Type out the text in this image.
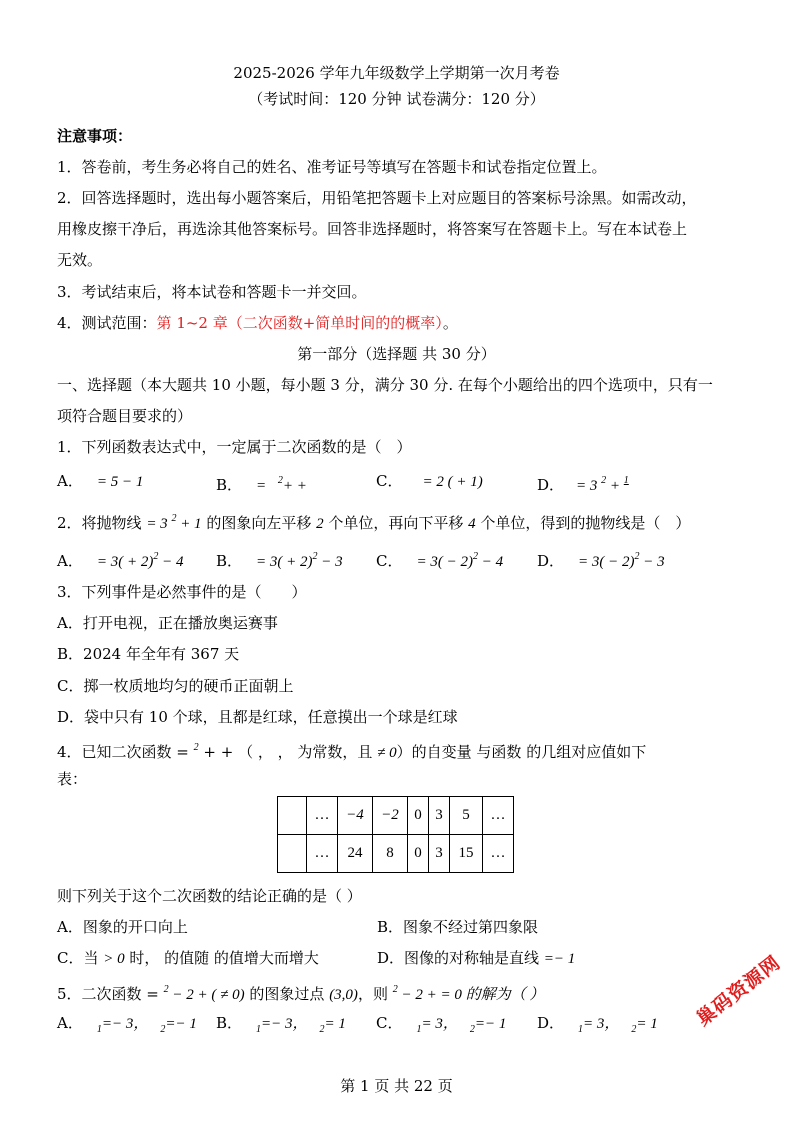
2025-2026 学年九年级数学上学期第一次月考卷
（考试时间：120 分钟 试卷满分：120 分）
注意事项：
1．答卷前，考生务必将自己的姓名、准考证号等填写在答题卡和试卷指定位置上。
2．回答选择题时，选出每小题答案后，用铅笔把答题卡上对应题目的答案标号涂黑。如需改动，
用橡皮擦干净后，再选涂其他答案标号。回答非选择题时，将答案写在答题卡上。写在本试卷上
无效。
3．考试结束后，将本试卷和答题卡一并交回。
4．测试范围：第 1~2 章（二次函数+简单时间的的概率）。
第一部分（选择题 共 30 分）
一、选择题（本大题共 10 小题，每小题 3 分，满分 30 分. 在每个小题给出的四个选项中，只有一
项符合题目要求的）
1．下列函数表达式中，一定属于二次函数的是（　）
A． = 5 − 1	B． = $^2$+ +	C． = 2 ( + 1)	D． = 3 $^2$ + $^1$
2．将抛物线 = 3 $^2$ + 1 的图象向左平移 2 个单位，再向下平移 4 个单位，得到的抛物线是（　）
A． = $3( + 2)^2 - 4$ B． = $3( + 2)^2 - 3$ C． = $3( - 2)^2 - 4$ D． = $3( - 2)^2 - 3$
3．下列事件是必然事件的是（　　）
A．打开电视，正在播放奥运赛事
B．2024 年全年有 367 天
C．掷一枚质地均匀的硬币正面朝上
D．袋中只有 10 个球，且都是红球，任意摸出一个球是红球
4．已知二次函数 = $^2$ + + （ ， ， 为常数，且 ≠ 0）的自变量 与函数 的几组对应值如下
表：
	…	−4	−2	0	3	5	…
	…	24	8	0	3	15	…
则下列关于这个二次函数的结论正确的是（ ）
A．图象的开口向上	B．图象不经过第四象限
C．当 > 0 时， 的值随 的值增大而增大	D．图像的对称轴是直线 =− 1
5．二次函数 = $^2$ − 2 + ( ≠ 0) 的图象过点 (3,0)，则 $^2$ − 2 + = 0 的解为（ ）
A． $_1$=− 3， $_2$=− 1 B． $_1$=− 3， $_2$= 1 C． $_1$= 3， $_2$=− 1 D． $_1$= 3， $_2$= 1 巢码资源网
第 1 页 共 22 页
